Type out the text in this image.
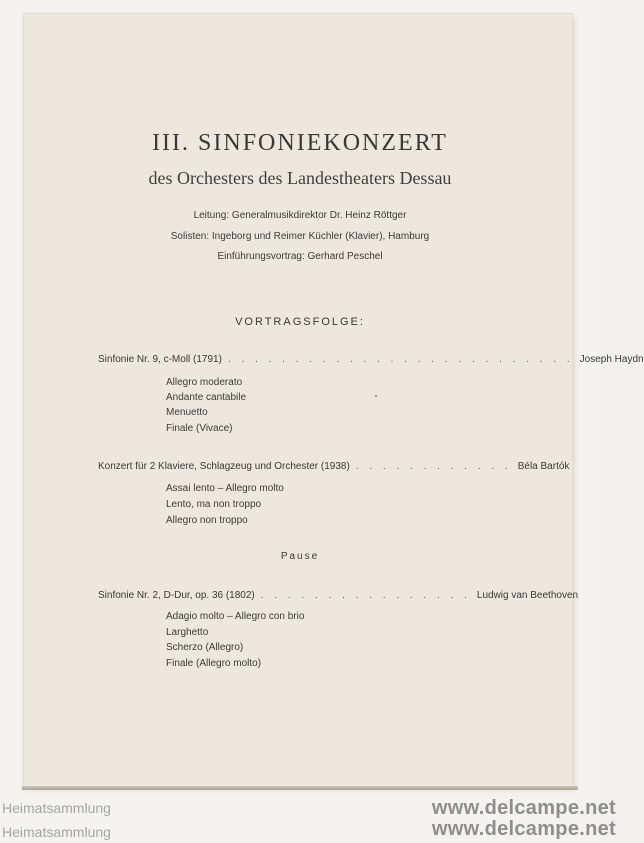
III. SINFONIEKONZERT
des Orchesters des Landestheaters Dessau
Leitung: Generalmusikdirektor Dr. Heinz Röttger
Solisten: Ingeborg und Reimer Küchler (Klavier), Hamburg
Einführungsvortrag: Gerhard Peschel
VORTRAGSFOLGE:
Sinfonie Nr. 9, c-Moll (1791) . . . . . . . . . . . . . . . . . . . . . . . . . . Joseph Haydn
Allegro moderato
Andante cantabile
Menuetto
Finale (Vivace)
Konzert für 2 Klaviere, Schlagzeug und Orchester (1938) . . . . . . . . . . . . Béla Bartók
Assai lento – Allegro molto
Lento, ma non troppo
Allegro non troppo
Pause
Sinfonie Nr. 2, D-Dur, op. 36 (1802) . . . . . . . . . . . . . . . . Ludwig van Beethoven
Adagio molto – Allegro con brio
Larghetto
Scherzo (Allegro)
Finale (Allegro molto)
Heimatsammlung	www.delcampe.net
Heimatsammlung	www.delcampe.net
